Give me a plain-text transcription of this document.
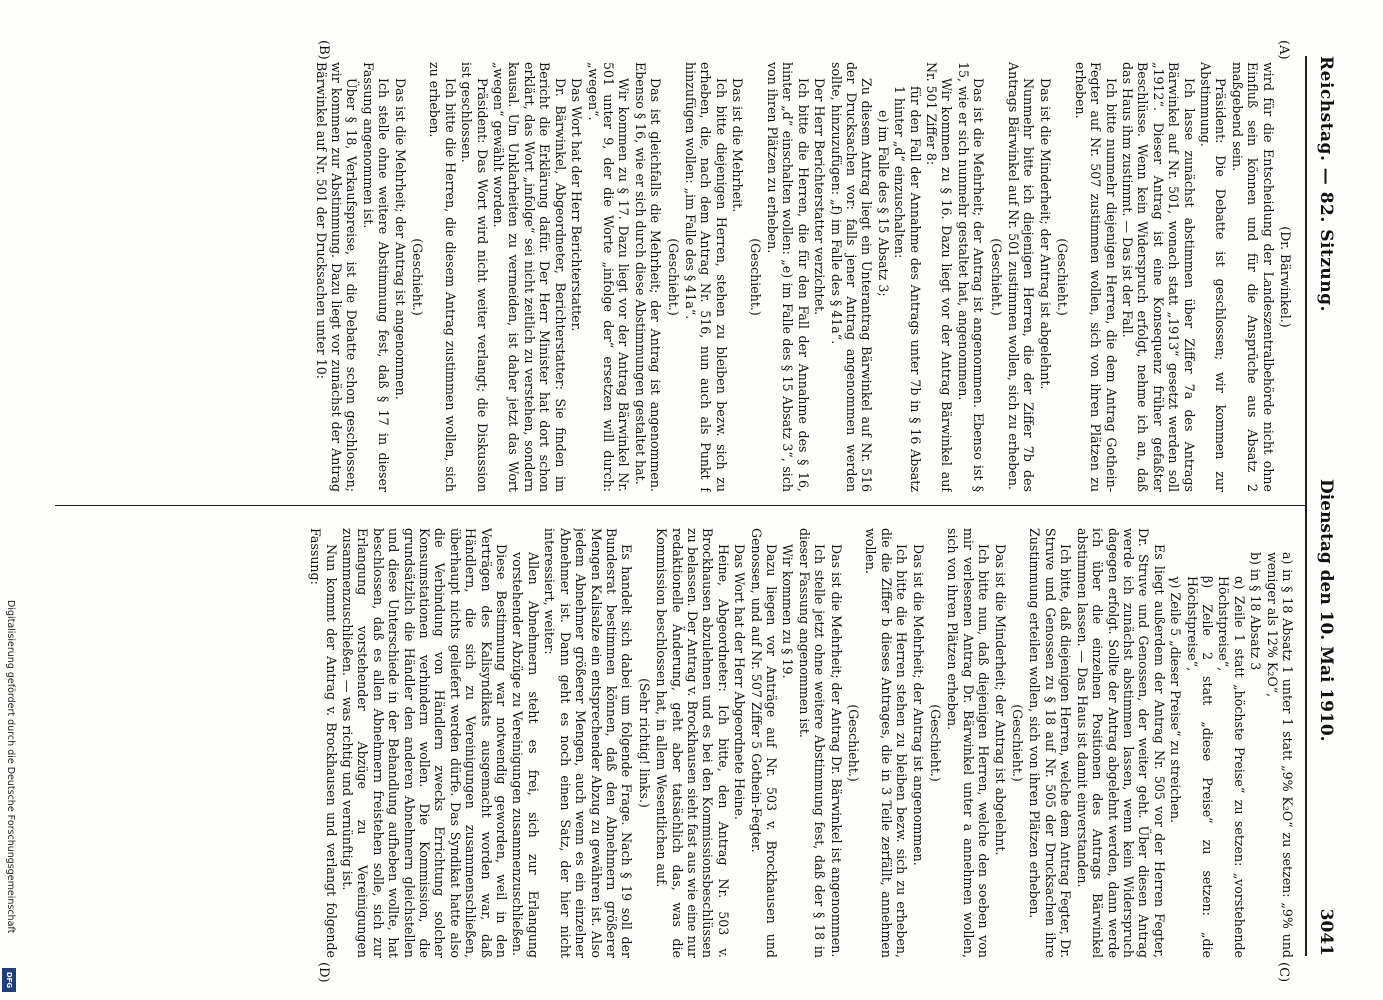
Reichstag. — 82. Sitzung.
Dienstag den 10. Mai 1910.
3041
(A)
(B)
(C)
(D)

(Dr. Bärwinkel.)

wird für die Entscheidung der Landeszentralbehörde nicht ohne Einfluß sein können und für die Ansprüche aus Absatz 2 maßgebend sein.

Präsident: Die Debatte ist geschlossen; wir kommen zur Abstimmung.

Ich lasse zunächst abstimmen über Ziffer 7a des Antrags Bärwinkel auf Nr. 501, wonach statt „1913“ gesetzt werden soll „1912“. Dieser Antrag ist eine Konsequenz früher gefaßter Beschlüsse. Wenn kein Widerspruch erfolgt, nehme ich an, daß das Haus ihm zustimmt. — Das ist der Fall.

Ich bitte nunmehr diejenigen Herren, die dem Antrag Gothein-Fegter auf Nr. 507 zustimmen wollen, sich von ihren Plätzen zu erheben.

(Geschieht.)

Das ist die Minderheit; der Antrag ist abgelehnt.

Nunmehr bitte ich diejenigen Herren, die der Ziffer 7b des Antrags Bärwinkel auf Nr. 501 zustimmen wollen, sich zu erheben.

(Geschieht.)

Das ist die Mehrheit; der Antrag ist angenommen. Ebenso ist § 15, wie er sich nunmehr gestaltet hat, angenommen.

Wir kommen zu § 16. Dazu liegt vor der Antrag Bärwinkel auf Nr. 501 Ziffer 8:

für den Fall der Annahme des Antrags unter 7b in § 16 Absatz 1 hinter „d“ einzuschalten:

e) im Falle des § 15 Absatz 3;

Zu diesem Antrag liegt ein Unterantrag Bärwinkel auf Nr. 516 der Drucksachen vor: falls jener Antrag angenommen werden sollte, hinzuzufügen: „f) im Falle des § 41a“.

Der Herr Berichterstatter verzichtet.

Ich bitte die Herren, die für den Fall der Annahme des § 16, hinter „d“ einschalten wollen: „e) im Falle des § 15 Absatz 3“, sich von ihren Plätzen zu erheben.

(Geschieht.)

Das ist die Mehrheit.

Ich bitte diejenigen Herren, stehen zu bleiben bezw. sich zu erheben, die, nach dem Antrag Nr. 516, nun auch als Punkt f hinzufügen wollen: „im Falle des § 41a“.

(Geschieht.)

Das ist gleichfalls die Mehrheit; der Antrag ist angenommen. Ebenso § 16, wie er sich durch diese Abstimmungen gestaltet hat.

Wir kommen zu § 17. Dazu liegt vor der Antrag Bärwinkel Nr. 501 unter 9, der die Worte „infolge der“ ersetzen will durch: „wegen“.

Das Wort hat der Herr Berichterstatter.

Dr. Bärwinkel, Abgeordneter, Berichterstatter: Sie finden im Bericht die Erklärung dafür. Der Herr Minister hat dort schon erklärt, das Wort „infolge“ sei nicht zeitlich zu verstehen, sondern kausal. Um Unklarheiten zu vermeiden, ist daher jetzt das Wort „wegen“ gewählt worden.

Präsident: Das Wort wird nicht weiter verlangt; die Diskussion ist geschlossen.

Ich bitte die Herren, die diesem Antrag zustimmen wollen, sich zu erheben.

(Geschieht.)

Das ist die Mehrheit; der Antrag ist angenommen.

Ich stelle ohne weitere Abstimmung fest, daß § 17 in dieser Fassung angenommen ist.

Über § 18, Verkaufspreise, ist die Debatte schon geschlossen; wir kommen zur Abstimmung. Dazu liegt vor zunächst der Antrag Bärwinkel auf Nr. 501 der Drucksachen unter 10:

a) in § 18 Absatz 1 unter 1 statt „9% K₂O“ zu setzen: „9% und weniger als 12% K₂O“,

b) in § 18 Absatz 3

α) Zeile 1 statt „höchste Preise“ zu setzen: „vorstehende Höchstpreise“,

β) Zeile 2 statt „diese Preise“ zu setzen: „die Höchstpreise“,

γ) Zeile 5 „dieser Preise“ zu streichen.

Es liegt außerdem der Antrag Nr. 505 vor der Herren Fegter, Dr. Struve und Genossen, der weiter geht. Über diesen Antrag werde ich zunächst abstimmen lassen, wenn kein Widerspruch dagegen erfolgt. Sollte der Antrag abgelehnt werden, dann werde ich über die einzelnen Positionen des Antrags Bärwinkel abstimmen lassen. — Das Haus ist damit einverstanden.

Ich bitte, daß diejenigen Herren, welche dem Antrag Fegter, Dr. Struve und Genossen zu § 18 auf Nr. 505 der Drucksachen ihre Zustimmung erteilen wollen, sich von ihren Plätzen erheben.

(Geschieht.)

Das ist die Minderheit; der Antrag ist abgelehnt.

Ich bitte nun, daß diejenigen Herren, welche den soeben von mir verlesenen Antrag Dr. Bärwinkel unter a annehmen wollen, sich von ihren Plätzen erheben.

(Geschieht.)

Das ist die Mehrheit; der Antrag ist angenommen.

Ich bitte die Herren stehen zu bleiben bezw. sich zu erheben, die die Ziffer b dieses Antrages, die in 3 Teile zerfällt, annehmen wollen.

(Geschieht.)

Das ist die Mehrheit; der Antrag Dr. Bärwinkel ist angenommen.

Ich stelle jetzt ohne weitere Abstimmung fest, daß der § 18 in dieser Fassung angenommen ist.

Wir kommen zu § 19.

Dazu liegen vor Anträge auf Nr. 503 v. Brockhausen und Genossen, und auf Nr. 507 Ziffer 5 Gothein-Fegter.

Das Wort hat der Herr Abgeordnete Heine.

Heine, Abgeordneter: Ich bitte, den Antrag Nr. 503 v. Brockhausen abzulehnen und es bei den Kommissionsbeschlüssen zu belassen. Der Antrag v. Brockhausen sieht fast aus wie eine nur redaktionelle Änderung, geht aber tatsächlich das, was die Kommission beschlossen hat, in allem Wesentlichen auf.

(Sehr richtig! links.)

Es handelt sich dabei um folgende Frage. Nach § 19 soll der Bundesrat bestimmen können, daß den Abnehmern größerer Mengen Kalisalze ein entsprechender Abzug zu gewähren ist. Also jedem Abnehmer größerer Mengen, auch wenn es ein einzelner Abnehmer ist. Dann geht es noch einen Satz, der hier nicht interessiert, weiter:

Allen Abnehmern steht es frei, sich zur Erlangung vorstehender Abzüge zu Vereinigungen zusammenzuschließen.

Diese Bestimmung war notwendig geworden, weil in den Verträgen des Kalisyndikats ausgemacht worden war, daß Händlern, die sich zu Vereinigungen zusammenschließen, überhaupt nichts geliefert werden dürfe. Das Syndikat hatte also die Verbindung von Händlern zwecks Errichtung solcher Konsumstationen verhindern wollen. Die Kommission, die grundsätzlich die Händler den anderen Abnehmern gleichstellen und diese Unterschiede in der Behandlung aufheben wollte, hat beschlossen, daß es allen Abnehmern freistehen solle, sich zur Erlangung vorstehender Abzüge zu Vereinigungen zusammenzuschließen. — was richtig und vernünftig ist.

Nun kommt der Antrag v. Brockhausen und verlangt folgende Fassung:

Digitalisierung gefördert durch die Deutsche Forschungsgemeinschaft
DFG
